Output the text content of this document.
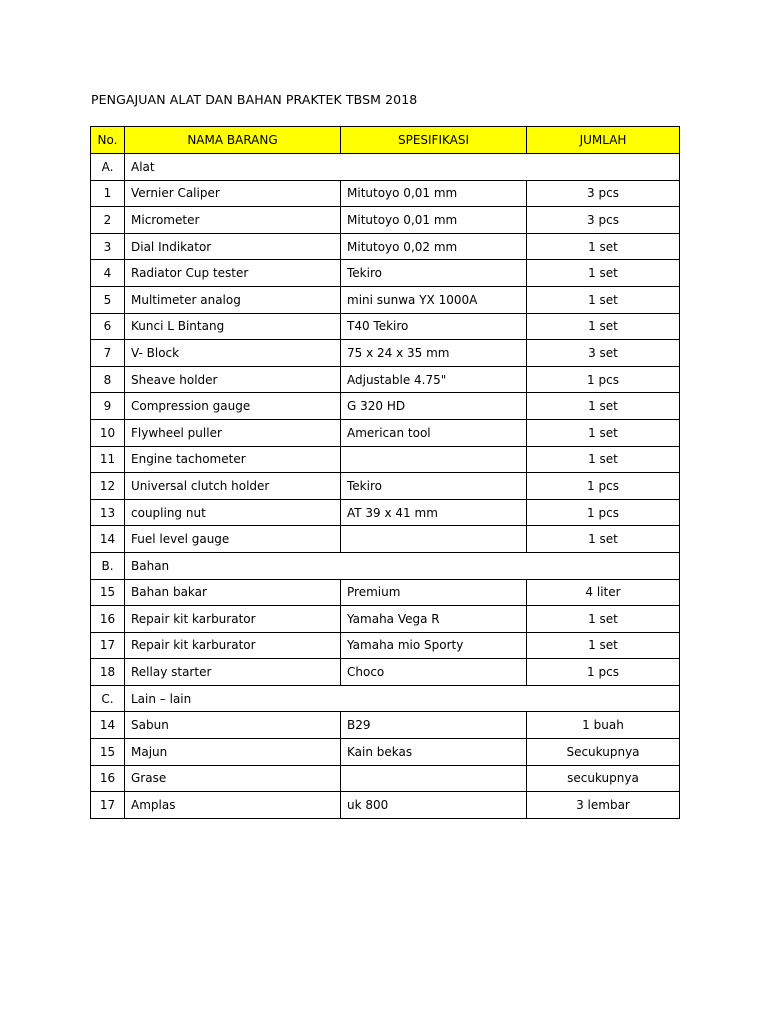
PENGAJUAN ALAT DAN BAHAN PRAKTEK TBSM 2018
No.	NAMA BARANG	SPESIFIKASI	JUMLAH
A.	Alat		
1	Vernier Caliper	Mitutoyo 0,01 mm	3 pcs
2	Micrometer	Mitutoyo 0,01 mm	3 pcs
3	Dial Indikator	Mitutoyo 0,02 mm	1 set
4	Radiator Cup tester	Tekiro	1 set
5	Multimeter analog	mini sunwa YX 1000A	1 set
6	Kunci L Bintang	T40 Tekiro	1 set
7	V- Block	75 x 24 x 35 mm	3 set
8	Sheave holder	Adjustable 4.75"	1 pcs
9	Compression gauge	G 320 HD	1 set
10	Flywheel puller	American tool	1 set
11	Engine tachometer		1 set
12	Universal clutch holder	Tekiro	1 pcs
13	coupling nut	AT 39 x 41 mm	1 pcs
14	Fuel level gauge		1 set
B.	Bahan		
15	Bahan bakar	Premium	4 liter
16	Repair kit karburator	Yamaha Vega R	1 set
17	Repair kit karburator	Yamaha mio Sporty	1 set
18	Rellay starter	Choco	1 pcs
C.	Lain – lain		
14	Sabun	B29	1 buah
15	Majun	Kain bekas	Secukupnya
16	Grase		secukupnya
17	Amplas	uk 800	3 lembar
